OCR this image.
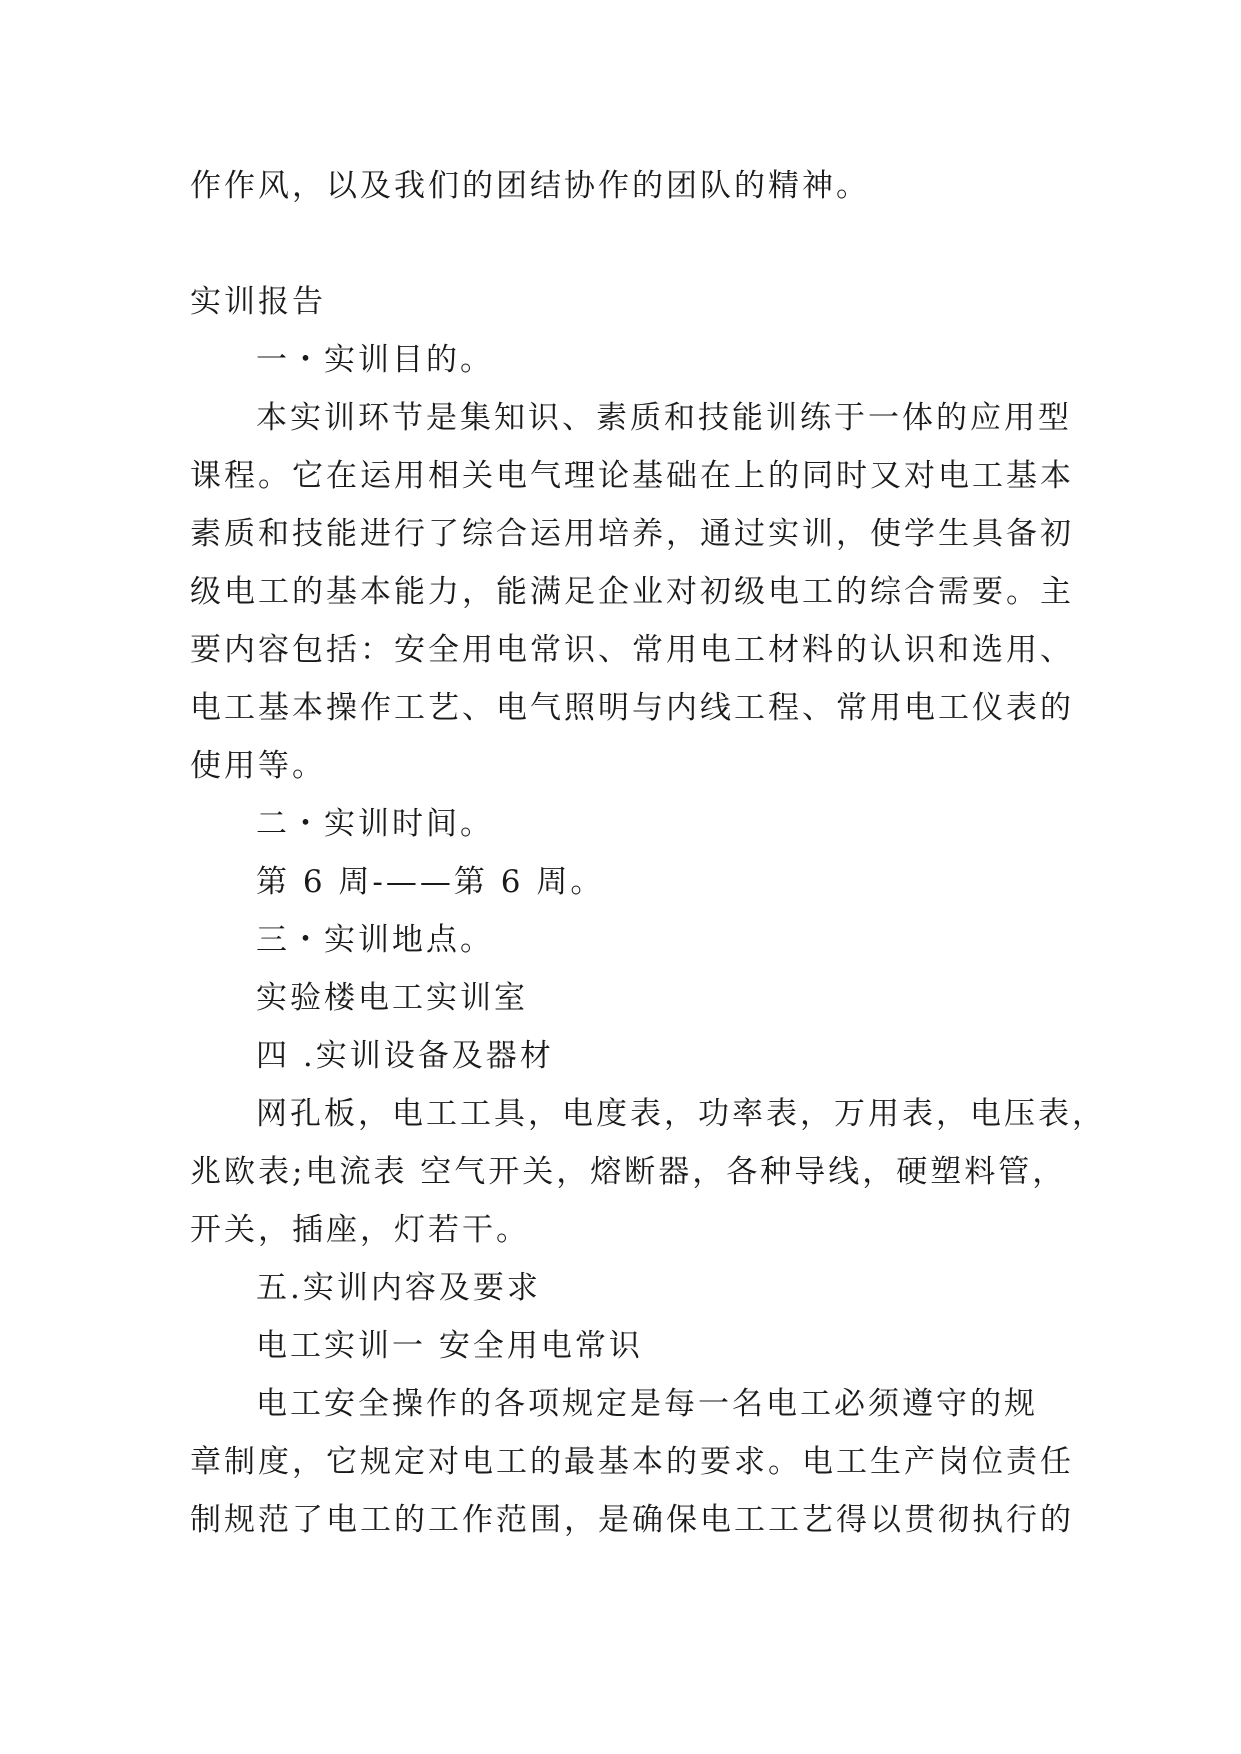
作作风，以及我们的团结协作的团队的精神。
实训报告
一・实训目的。
本实训环节是集知识、素质和技能训练于一体的应用型
课程。它在运用相关电气理论基础在上的同时又对电工基本
素质和技能进行了综合运用培养，通过实训，使学生具备初
级电工的基本能力，能满足企业对初级电工的综合需要。主
要内容包括：安全用电常识、常用电工材料的认识和选用、
电工基本操作工艺、电气照明与内线工程、常用电工仪表的
使用等。
二・实训时间。
第 6 周-——第 6 周。
三・实训地点。
实验楼电工实训室
四 .实训设备及器材
网孔板，电工工具，电度表，功率表，万用表，电压表，
兆欧表;电流表 空气开关，熔断器，各种导线，硬塑料管，
开关，插座，灯若干。
五.实训内容及要求
电工实训一 安全用电常识
电工安全操作的各项规定是每一名电工必须遵守的规
章制度，它规定对电工的最基本的要求。电工生产岗位责任
制规范了电工的工作范围，是确保电工工艺得以贯彻执行的
